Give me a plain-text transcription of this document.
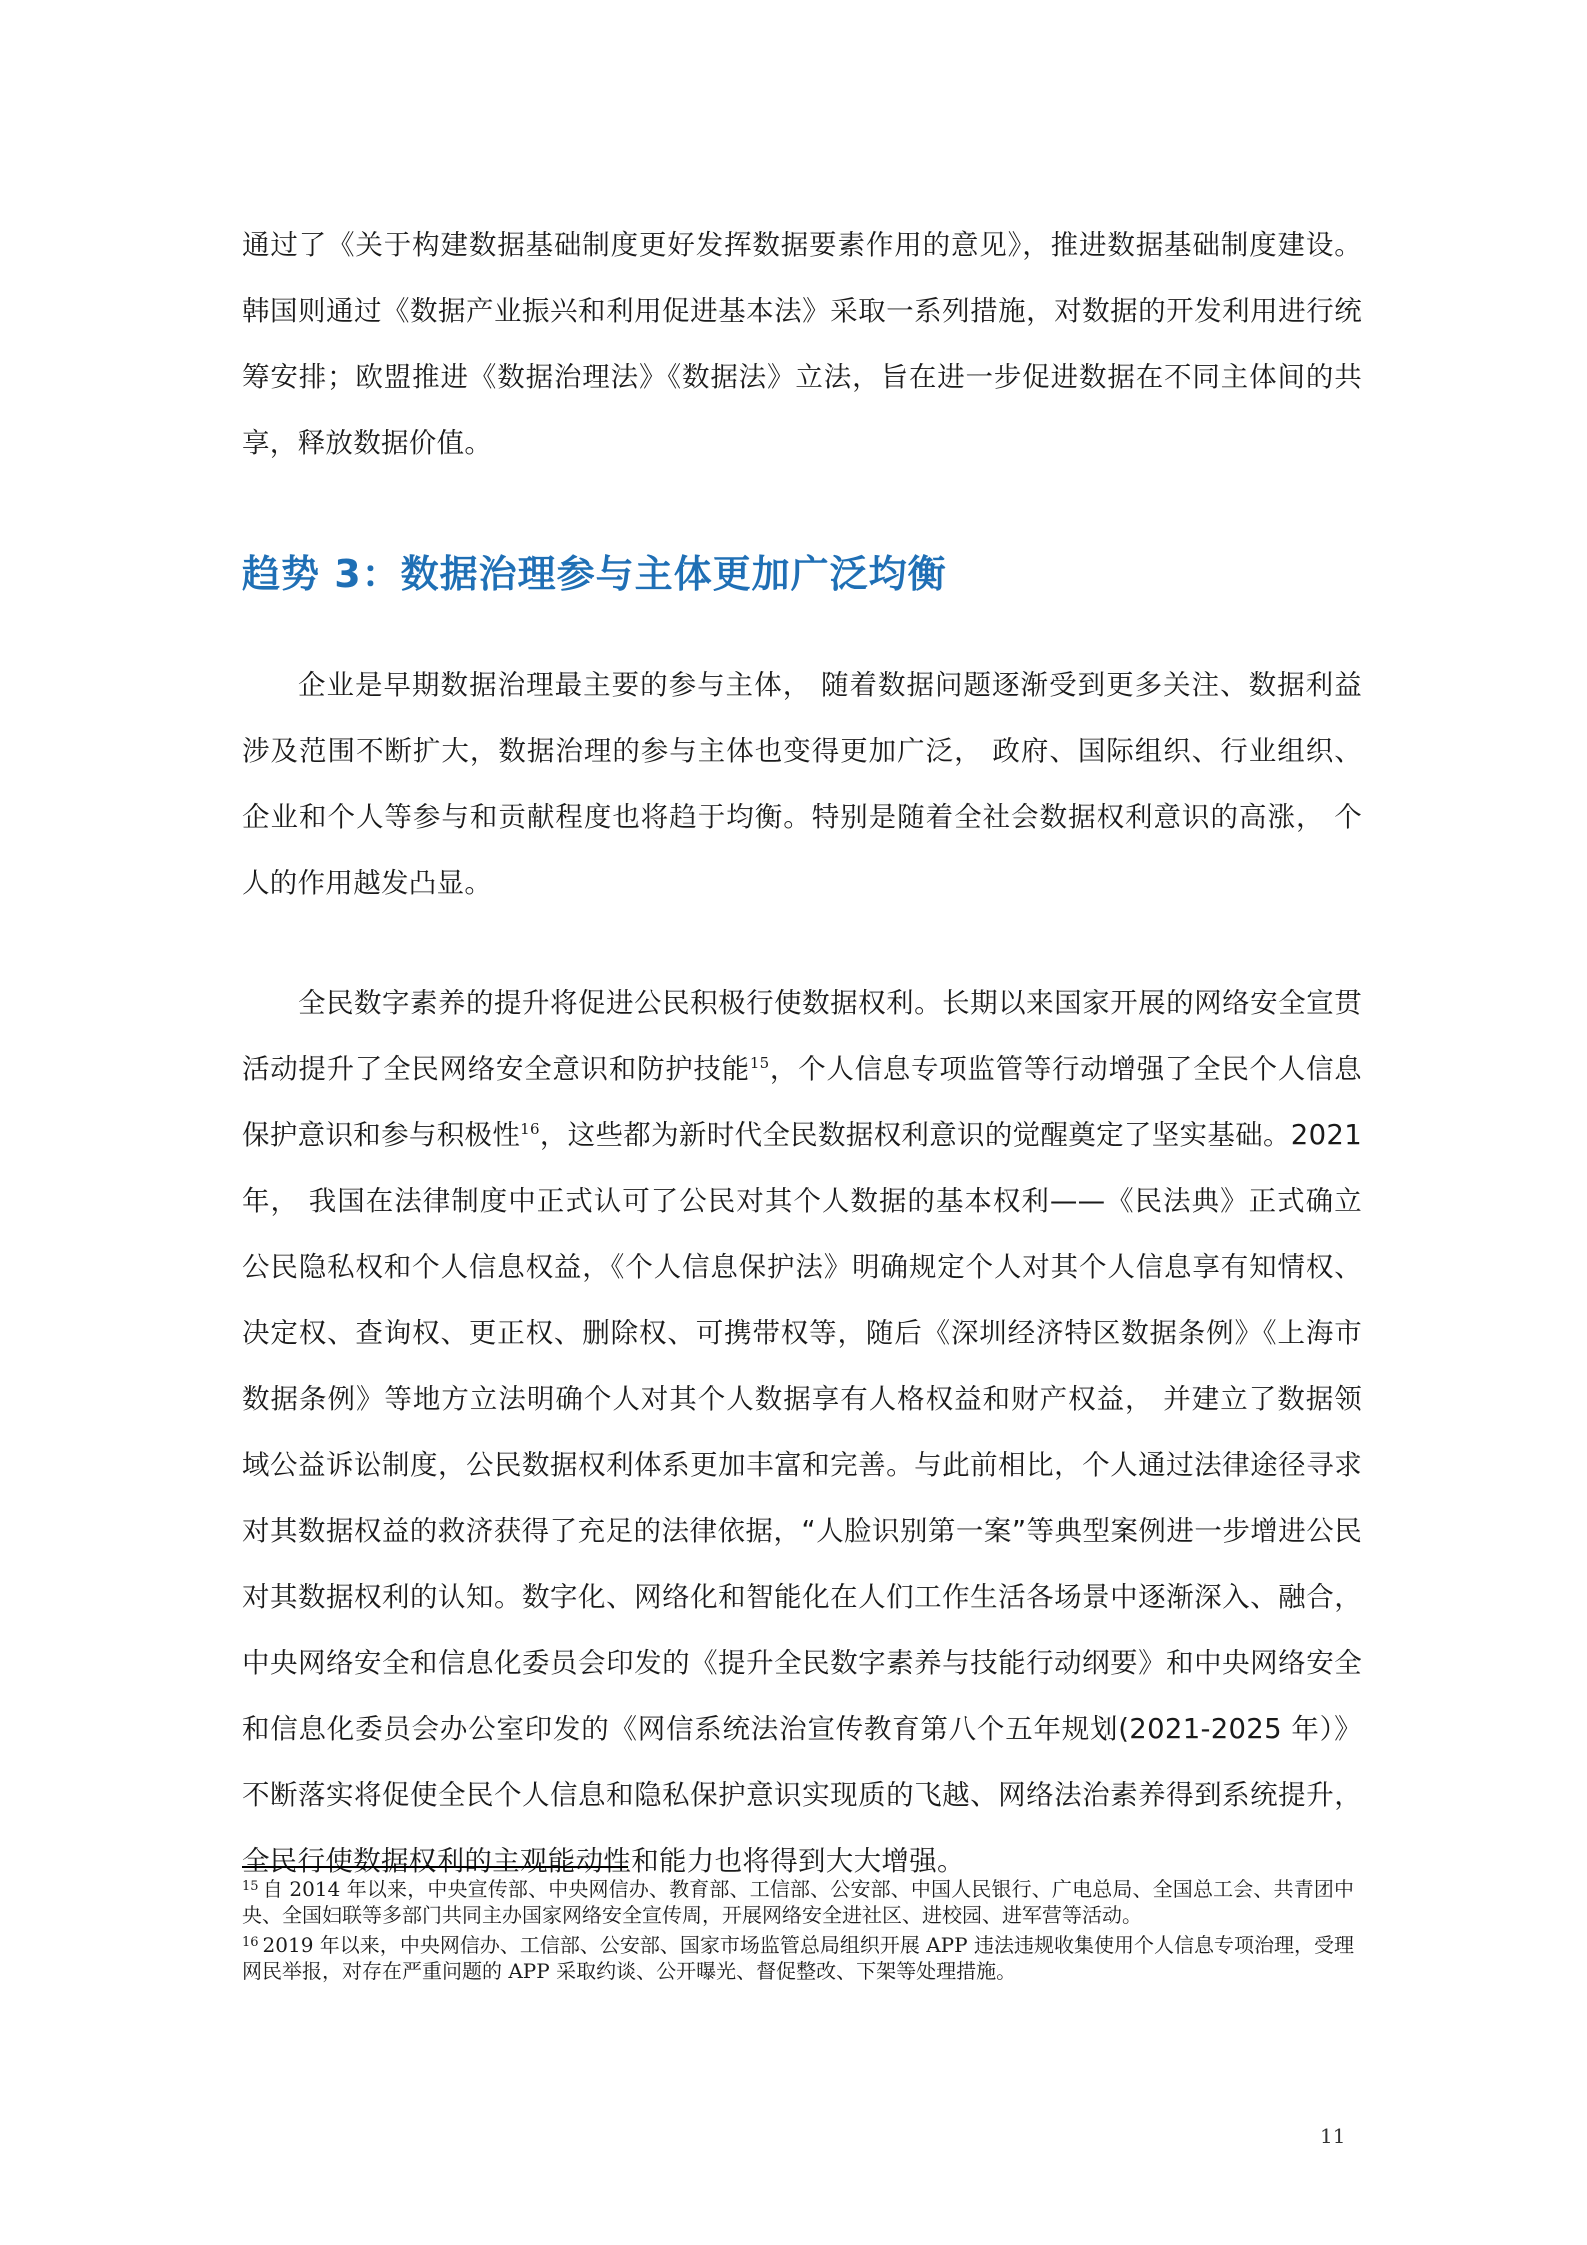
通过了《关于构建数据基础制度更好发挥数据要素作用的意见》，推进数据基础制度建设。韩国则通过《数据产业振兴和利用促进基本法》采取一系列措施，对数据的开发利用进行统筹安排；欧盟推进《数据治理法》《数据法》立法，旨在进一步促进数据在不同主体间的共享，释放数据价值。

趋势 3：数据治理参与主体更加广泛均衡

企业是早期数据治理最主要的参与主体， 随着数据问题逐渐受到更多关注、数据利益涉及范围不断扩大，数据治理的参与主体也变得更加广泛， 政府、国际组织、行业组织、企业和个人等参与和贡献程度也将趋于均衡。特别是随着全社会数据权利意识的高涨， 个人的作用越发凸显。

全民数字素养的提升将促进公民积极行使数据权利。长期以来国家开展的网络安全宣贯活动提升了全民网络安全意识和防护技能$^{15}$，个人信息专项监管等行动增强了全民个人信息保护意识和参与积极性$^{16}$，这些都为新时代全民数据权利意识的觉醒奠定了坚实基础。2021 年， 我国在法律制度中正式认可了公民对其个人数据的基本权利——《民法典》正式确立公民隐私权和个人信息权益，《个人信息保护法》明确规定个人对其个人信息享有知情权、决定权、查询权、更正权、删除权、可携带权等，随后《深圳经济特区数据条例》《上海市数据条例》等地方立法明确个人对其个人数据享有人格权益和财产权益， 并建立了数据领域公益诉讼制度，公民数据权利体系更加丰富和完善。与此前相比，个人通过法律途径寻求对其数据权益的救济获得了充足的法律依据，“人脸识别第一案”等典型案例进一步增进公民对其数据权利的认知。数字化、网络化和智能化在人们工作生活各场景中逐渐深入、融合， 中央网络安全和信息化委员会印发的《提升全民数字素养与技能行动纲要》和中央网络安全和信息化委员会办公室印发的《网信系统法治宣传教育第八个五年规划(2021-2025 年）》不断落实将促使全民个人信息和隐私保护意识实现质的飞越、网络法治素养得到系统提升， 全民行使数据权利的主观能动性和能力也将得到大大增强。

$^{15}$ 自 2014 年以来，中央宣传部、中央网信办、教育部、工信部、公安部、中国人民银行、广电总局、全国总工会、共青团中央、全国妇联等多部门共同主办国家网络安全宣传周，开展网络安全进社区、进校园、进军营等活动。

$^{16}$ 2019 年以来，中央网信办、工信部、公安部、国家市场监管总局组织开展 APP 违法违规收集使用个人信息专项治理，受理网民举报，对存在严重问题的 APP 采取约谈、公开曝光、督促整改、下架等处理措施。

11
